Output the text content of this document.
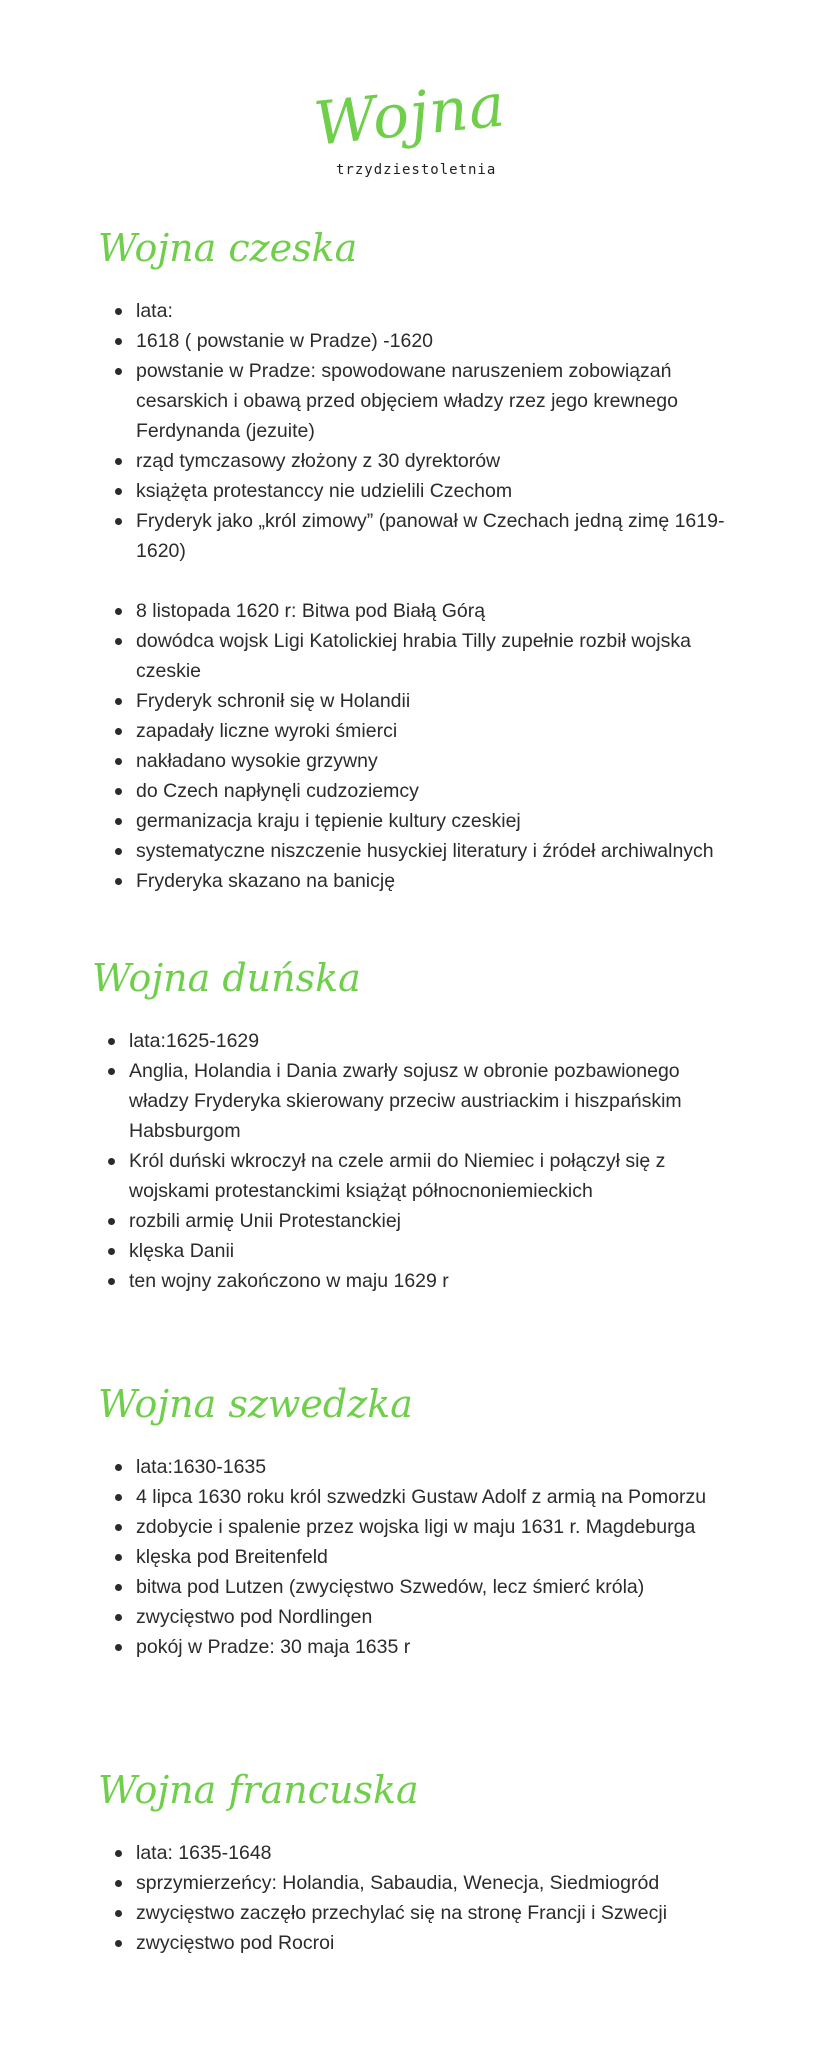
Wojna
trzydziestoletnia
Wojna czeska
lata:
1618 ( powstanie w Pradze) -1620
powstanie w Pradze: spowodowane naruszeniem zobowiązań cesarskich i obawą przed objęciem władzy rzez jego krewnego Ferdynanda (jezuite)
rząd tymczasowy złożony z 30 dyrektorów
książęta protestanccy nie udzielili Czechom
Fryderyk jako „król zimowy” (panował w Czechach jedną zimę 1619-1620)
8 listopada 1620 r: Bitwa pod Białą Górą
dowódca wojsk Ligi Katolickiej hrabia Tilly zupełnie rozbił wojska czeskie
Fryderyk schronił się w Holandii
zapadały liczne wyroki śmierci
nakładano wysokie grzywny
do Czech napłynęli cudzoziemcy
germanizacja kraju i tępienie kultury czeskiej
systematyczne niszczenie husyckiej literatury i źródeł archiwalnych
Fryderyka skazano na banicję
Wojna duńska
lata:1625-1629
Anglia, Holandia i Dania zwarły sojusz w obronie pozbawionego władzy Fryderyka skierowany przeciw austriackim i hiszpańskim Habsburgom
Król duński wkroczył na czele armii do Niemiec i połączył się z wojskami protestanckimi książąt północnoniemieckich
rozbili armię Unii Protestanckiej
klęska Danii
ten wojny zakończono w maju 1629 r
Wojna szwedzka
lata:1630-1635
4 lipca 1630 roku król szwedzki Gustaw Adolf z armią na Pomorzu
zdobycie i spalenie przez wojska ligi w maju 1631 r. Magdeburga
klęska pod Breitenfeld
bitwa pod Lutzen (zwycięstwo Szwedów, lecz śmierć króla)
zwycięstwo pod Nordlingen
pokój w Pradze: 30 maja 1635 r
Wojna francuska
lata: 1635-1648
sprzymierzeńcy: Holandia, Sabaudia, Wenecja, Siedmiogród
zwycięstwo zaczęło przechylać się na stronę Francji i Szwecji
zwycięstwo pod Rocroi
